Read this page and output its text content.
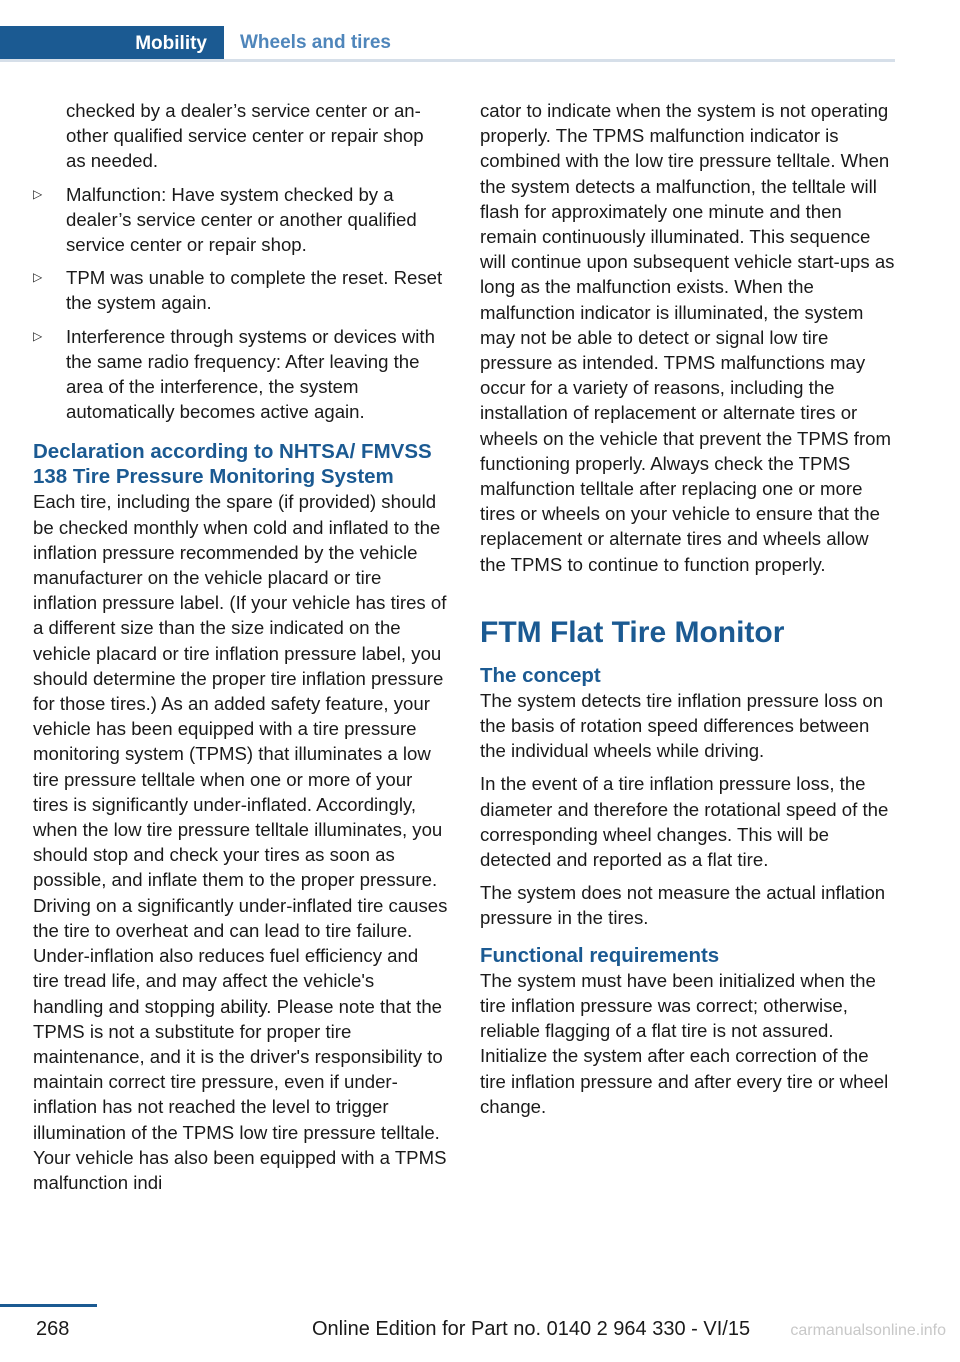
Mobility Wheels and tires

checked by a dealer’s service center or another qualified service center or repair shop as needed.

▷ Malfunction: Have system checked by a dealer’s service center or another qualified service center or repair shop.

▷ TPM was unable to complete the reset. Reset the system again.

▷ Interference through systems or devices with the same radio frequency: After leaving the area of the interference, the system automatically becomes active again.

Declaration according to NHTSA/ FMVSS 138 Tire Pressure Monitoring System

Each tire, including the spare (if provided) should be checked monthly when cold and inflated to the inflation pressure recommended by the vehicle manufacturer on the vehicle placard or tire inflation pressure label. (If your vehicle has tires of a different size than the size indicated on the vehicle placard or tire inflation pressure label, you should determine the proper tire inflation pressure for those tires.) As an added safety feature, your vehicle has been equipped with a tire pressure monitoring system (TPMS) that illuminates a low tire pressure telltale when one or more of your tires is significantly under-inflated. Accordingly, when the low tire pressure telltale illuminates, you should stop and check your tires as soon as possible, and inflate them to the proper pressure. Driving on a significantly under-inflated tire causes the tire to overheat and can lead to tire failure. Under-inflation also reduces fuel efficiency and tire tread life, and may affect the vehicle's handling and stopping ability. Please note that the TPMS is not a substitute for proper tire maintenance, and it is the driver's responsibility to maintain correct tire pressure, even if under-inflation has not reached the level to trigger illumination of the TPMS low tire pressure telltale. Your vehicle has also been equipped with a TPMS malfunction indi

cator to indicate when the system is not operating properly. The TPMS malfunction indicator is combined with the low tire pressure telltale. When the system detects a malfunction, the telltale will flash for approximately one minute and then remain continuously illuminated. This sequence will continue upon subsequent vehicle start-ups as long as the malfunction exists. When the malfunction indicator is illuminated, the system may not be able to detect or signal low tire pressure as intended. TPMS malfunctions may occur for a variety of reasons, including the installation of replacement or alternate tires or wheels on the vehicle that prevent the TPMS from functioning properly. Always check the TPMS malfunction telltale after replacing one or more tires or wheels on your vehicle to ensure that the replacement or alternate tires and wheels allow the TPMS to continue to function properly.

FTM Flat Tire Monitor
The concept

The system detects tire inflation pressure loss on the basis of rotation speed differences between the individual wheels while driving.

In the event of a tire inflation pressure loss, the diameter and therefore the rotational speed of the corresponding wheel changes. This will be detected and reported as a flat tire.

The system does not measure the actual inflation pressure in the tires.

Functional requirements

The system must have been initialized when the tire inflation pressure was correct; otherwise, reliable flagging of a flat tire is not assured. Initialize the system after each correction of the tire inflation pressure and after every tire or wheel change.

268	Online Edition for Part no. 0140 2 964 330 - VI/15	carmanualsonline.info
